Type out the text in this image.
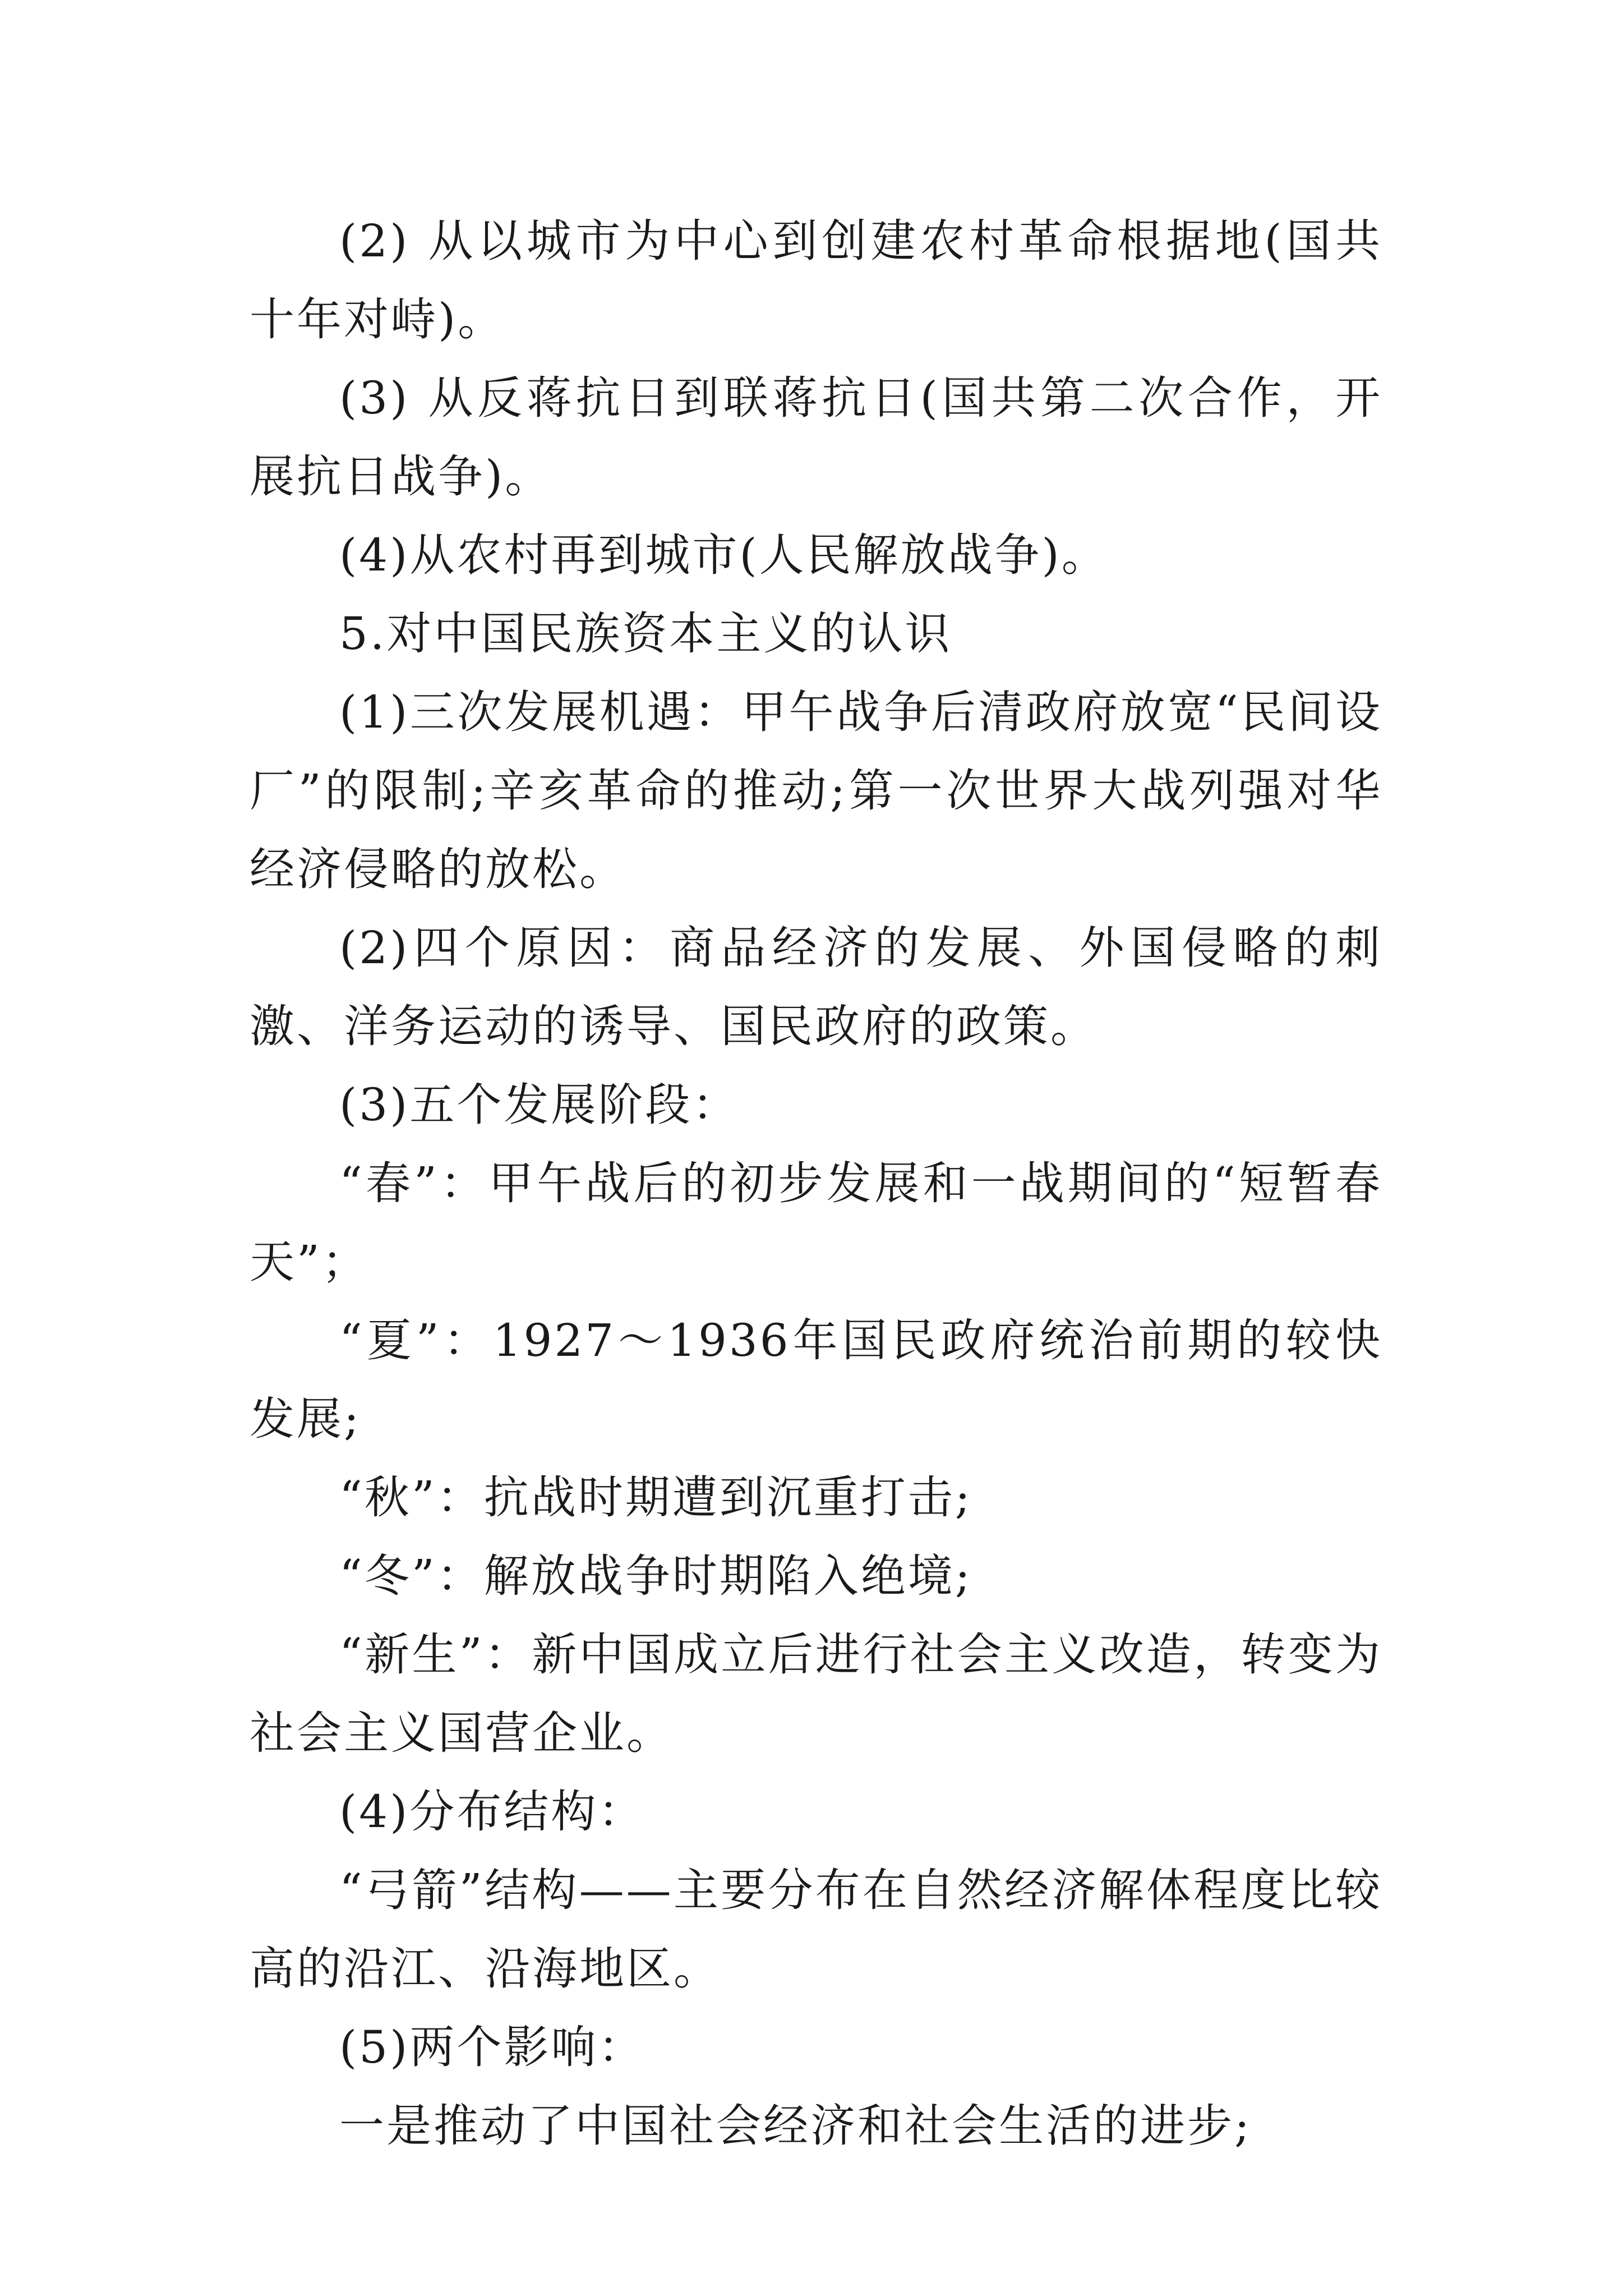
(2) 从以城市为中心到创建农村革命根据地(国共十年对峙)。

(3) 从反蒋抗日到联蒋抗日(国共第二次合作，开展抗日战争)。

(4)从农村再到城市(人民解放战争)。

5.对中国民族资本主义的认识

(1)三次发展机遇：甲午战争后清政府放宽“民间设厂”的限制;辛亥革命的推动;第一次世界大战列强对华经济侵略的放松。

(2)四个原因：商品经济的发展、外国侵略的刺激、洋务运动的诱导、国民政府的政策。

(3)五个发展阶段：

“春”：甲午战后的初步发展和一战期间的“短暂春天”；

“夏”：1927～1936年国民政府统治前期的较快发展;

“秋”：抗战时期遭到沉重打击;

“冬”：解放战争时期陷入绝境;

“新生”：新中国成立后进行社会主义改造，转变为社会主义国营企业。

(4)分布结构：

“弓箭”结构——主要分布在自然经济解体程度比较高的沿江、沿海地区。

(5)两个影响：

一是推动了中国社会经济和社会生活的进步;
